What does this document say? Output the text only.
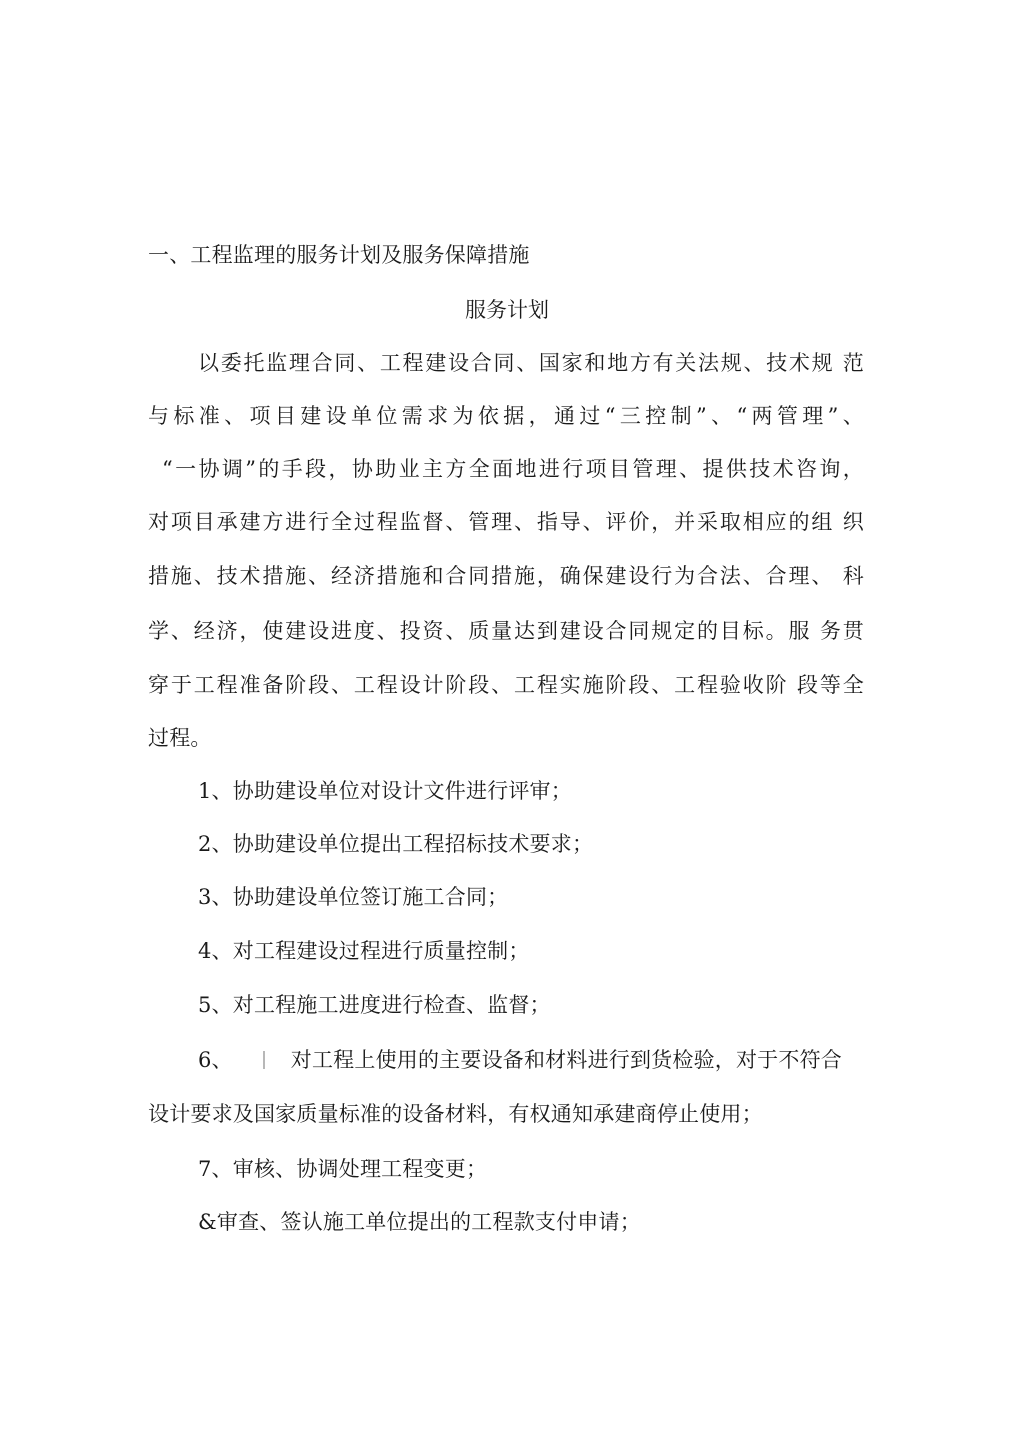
一、工程监理的服务计划及服务保障措施
服务计划
以委托监理合同、工程建设合同、国家和地方有关法规、技术规 范
与标准、项目建设单位需求为依据，通过“三控制”、“两管理”、
“一协调”的手段，协助业主方全面地进行项目管理、提供技术咨询，
对项目承建方进行全过程监督、管理、指导、评价，并采取相应的组 织
措施、技术措施、经济措施和合同措施，确保建设行为合法、合理、 科
学、经济，使建设进度、投资、质量达到建设合同规定的目标。服 务贯
穿于工程准备阶段、工程设计阶段、工程实施阶段、工程验收阶 段等全
过程。
1、协助建设单位对设计文件进行评审；
2、协助建设单位提出工程招标技术要求；
3、协助建设单位签订施工合同；
4、对工程建设过程进行质量控制；
5、对工程施工进度进行检查、监督；
6、	对工程上使用的主要设备和材料进行到货检验，对于不符合
设计要求及国家质量标准的设备材料，有权通知承建商停止使用；
7、审核、协调处理工程变更；
&审查、签认施工单位提出的工程款支付申请；
